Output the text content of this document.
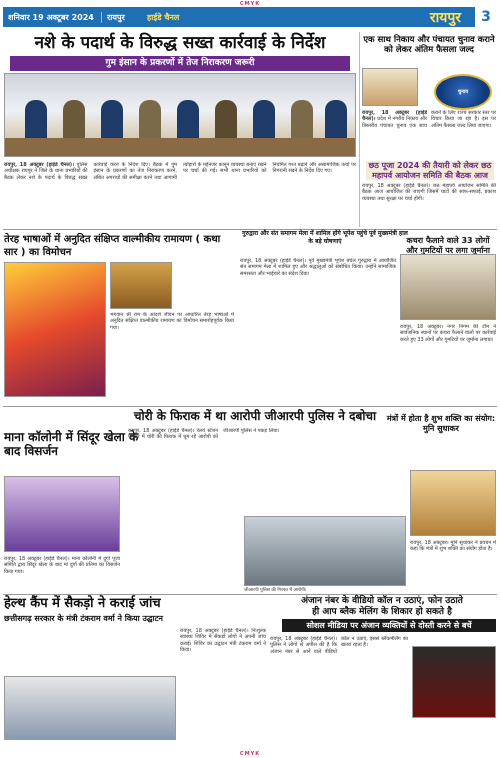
CMYK
शनिवार 19 अक्टूबर 2024	रायपुर	हाईडे चैनल	रायपुर	3
नशे के पदार्थ के विरुद्ध सख्त कार्रवाई के निर्देश
गुम इंसान के प्रकरणों में तेज निराकरण जरूरी
रायपुर, 18 अक्टूबर (हाईडे चैनल)। पुलिस अधीक्षक रायपुर ने जिले के थाना प्रभारियों की बैठक लेकर नशे के पदार्थ के विरुद्ध सख्त कार्रवाई करने के निर्देश दिए। बैठक में गुम इंसान के प्रकरणों का तेज निराकरण करने, लंबित अपराधों की समीक्षा करने तथा आगामी त्योहारों के मद्देनजर कानून व्यवस्था बनाए रखने पर चर्चा की गई। सभी थाना प्रभारियों को नियमित गश्त बढ़ाने और असामाजिक तत्वों पर निगरानी रखने के निर्देश दिए गए।
एक साथ निकाय और पंचायत चुनाव कराने को लेकर अंतिम फैसला जल्द
चुनाव
रायपुर, 18 अक्टूबर (हाईडे चैनल)। प्रदेश में नगरीय निकाय और त्रिस्तरीय पंचायत चुनाव एक साथ कराने के लिए राज्य सरकार स्तर पर विचार किया जा रहा है। इस पर अंतिम फैसला जल्द लिया जाएगा।
छठ पूजा 2024 की तैयारी को लेकर छठ महापर्व आयोजन समिति की बैठक आज
रायपुर, 18 अक्टूबर (हाईडे चैनल)। छठ महापर्व आयोजन समिति की बैठक आज आयोजित की जाएगी जिसमें घाटों की साफ-सफाई, प्रकाश व्यवस्था तथा सुरक्षा पर चर्चा होगी।
तेरह भाषाओं में अनुदित संक्षिप्त वाल्मीकीय रामायण ( कथा सार ) का विमोचन
भगवान श्री राम के आदर्श जीवन पर आधारित तेरह भाषाओं में अनुदित संक्षिप्त वाल्मीकीय रामायण का विमोचन समारोहपूर्वक किया गया।
गुरुद्वारा और संत समागम मेला में शामिल होंगे भूपेश पहुंचे पूर्व मुख्यमंत्री हाल के बड़े घोषणाएं
रायपुर, 18 अक्टूबर (हाईडे चैनल)। पूर्व मुख्यमंत्री भूपेश बघेल गुरुद्वारा में आयोजित संत समागम मेला में शामिल हुए और श्रद्धालुओं को संबोधित किया। उन्होंने सामाजिक समरसता और भाईचारे का संदेश दिया।
कचरा फैलाने वाले 33 लोगों और गुमटियों पर लगा जुर्माना
रायपुर, 18 अक्टूबर। नगर निगम की टीम ने सार्वजनिक स्थानों पर कचरा फैलाने वालों पर कार्रवाई करते हुए 33 लोगों और गुमटियों पर जुर्माना लगाया।
माना कॉलोनी में सिंदूर खेला के बाद विसर्जन
रायपुर, 18 अक्टूबर (हाईडे चैनल)। माना कॉलोनी में दुर्गा पूजा समिति द्वारा सिंदूर खेला के बाद मां दुर्गा की प्रतिमा का विसर्जन किया गया।
चोरी के फिराक में था आरोपी जीआरपी पुलिस ने दबोचा
रायपुर, 18 अक्टूबर (हाईडे चैनल)। रेलवे स्टेशन परिसर में चोरी की फिराक में घूम रहे आरोपी को जीआरपी पुलिस ने पकड़ लिया।
जीआरपी पुलिस की गिरफ्त में आरोपी।
मंत्रों में होता है शुभ शक्ति का संयोग: मुनि सुधाकर
रायपुर, 18 अक्टूबर। मुनि सुधाकर ने प्रवचन में कहा कि मंत्रों में शुभ शक्ति का संयोग होता है।
हेल्थ कैंप में सैकड़ो ने कराई जांच
छत्तीसगढ़ सरकार के मंत्री टंकराम वर्मा ने किया उद्घाटन
रायपुर, 18 अक्टूबर (हाईडे चैनल)। निःशुल्क स्वास्थ्य शिविर में सैकड़ों लोगों ने अपनी जांच कराई। शिविर का उद्घाटन मंत्री टंकराम वर्मा ने किया।
अंजान नंबर के वीडियो कॉल न उठाएं, फोन उठाते
ही आप ब्लैक मेलिंग के शिकार हो सकते है
सोशल मीडिया पर अंजान व्यक्तियों से दोस्ती करने से बचें
रायपुर, 18 अक्टूबर (हाईडे चैनल)। पुलिस ने लोगों से अपील की है कि अंजान नंबर से आने वाले वीडियो कॉल न उठाएं, इससे ब्लैकमेलिंग का खतरा रहता है।
CMYK
